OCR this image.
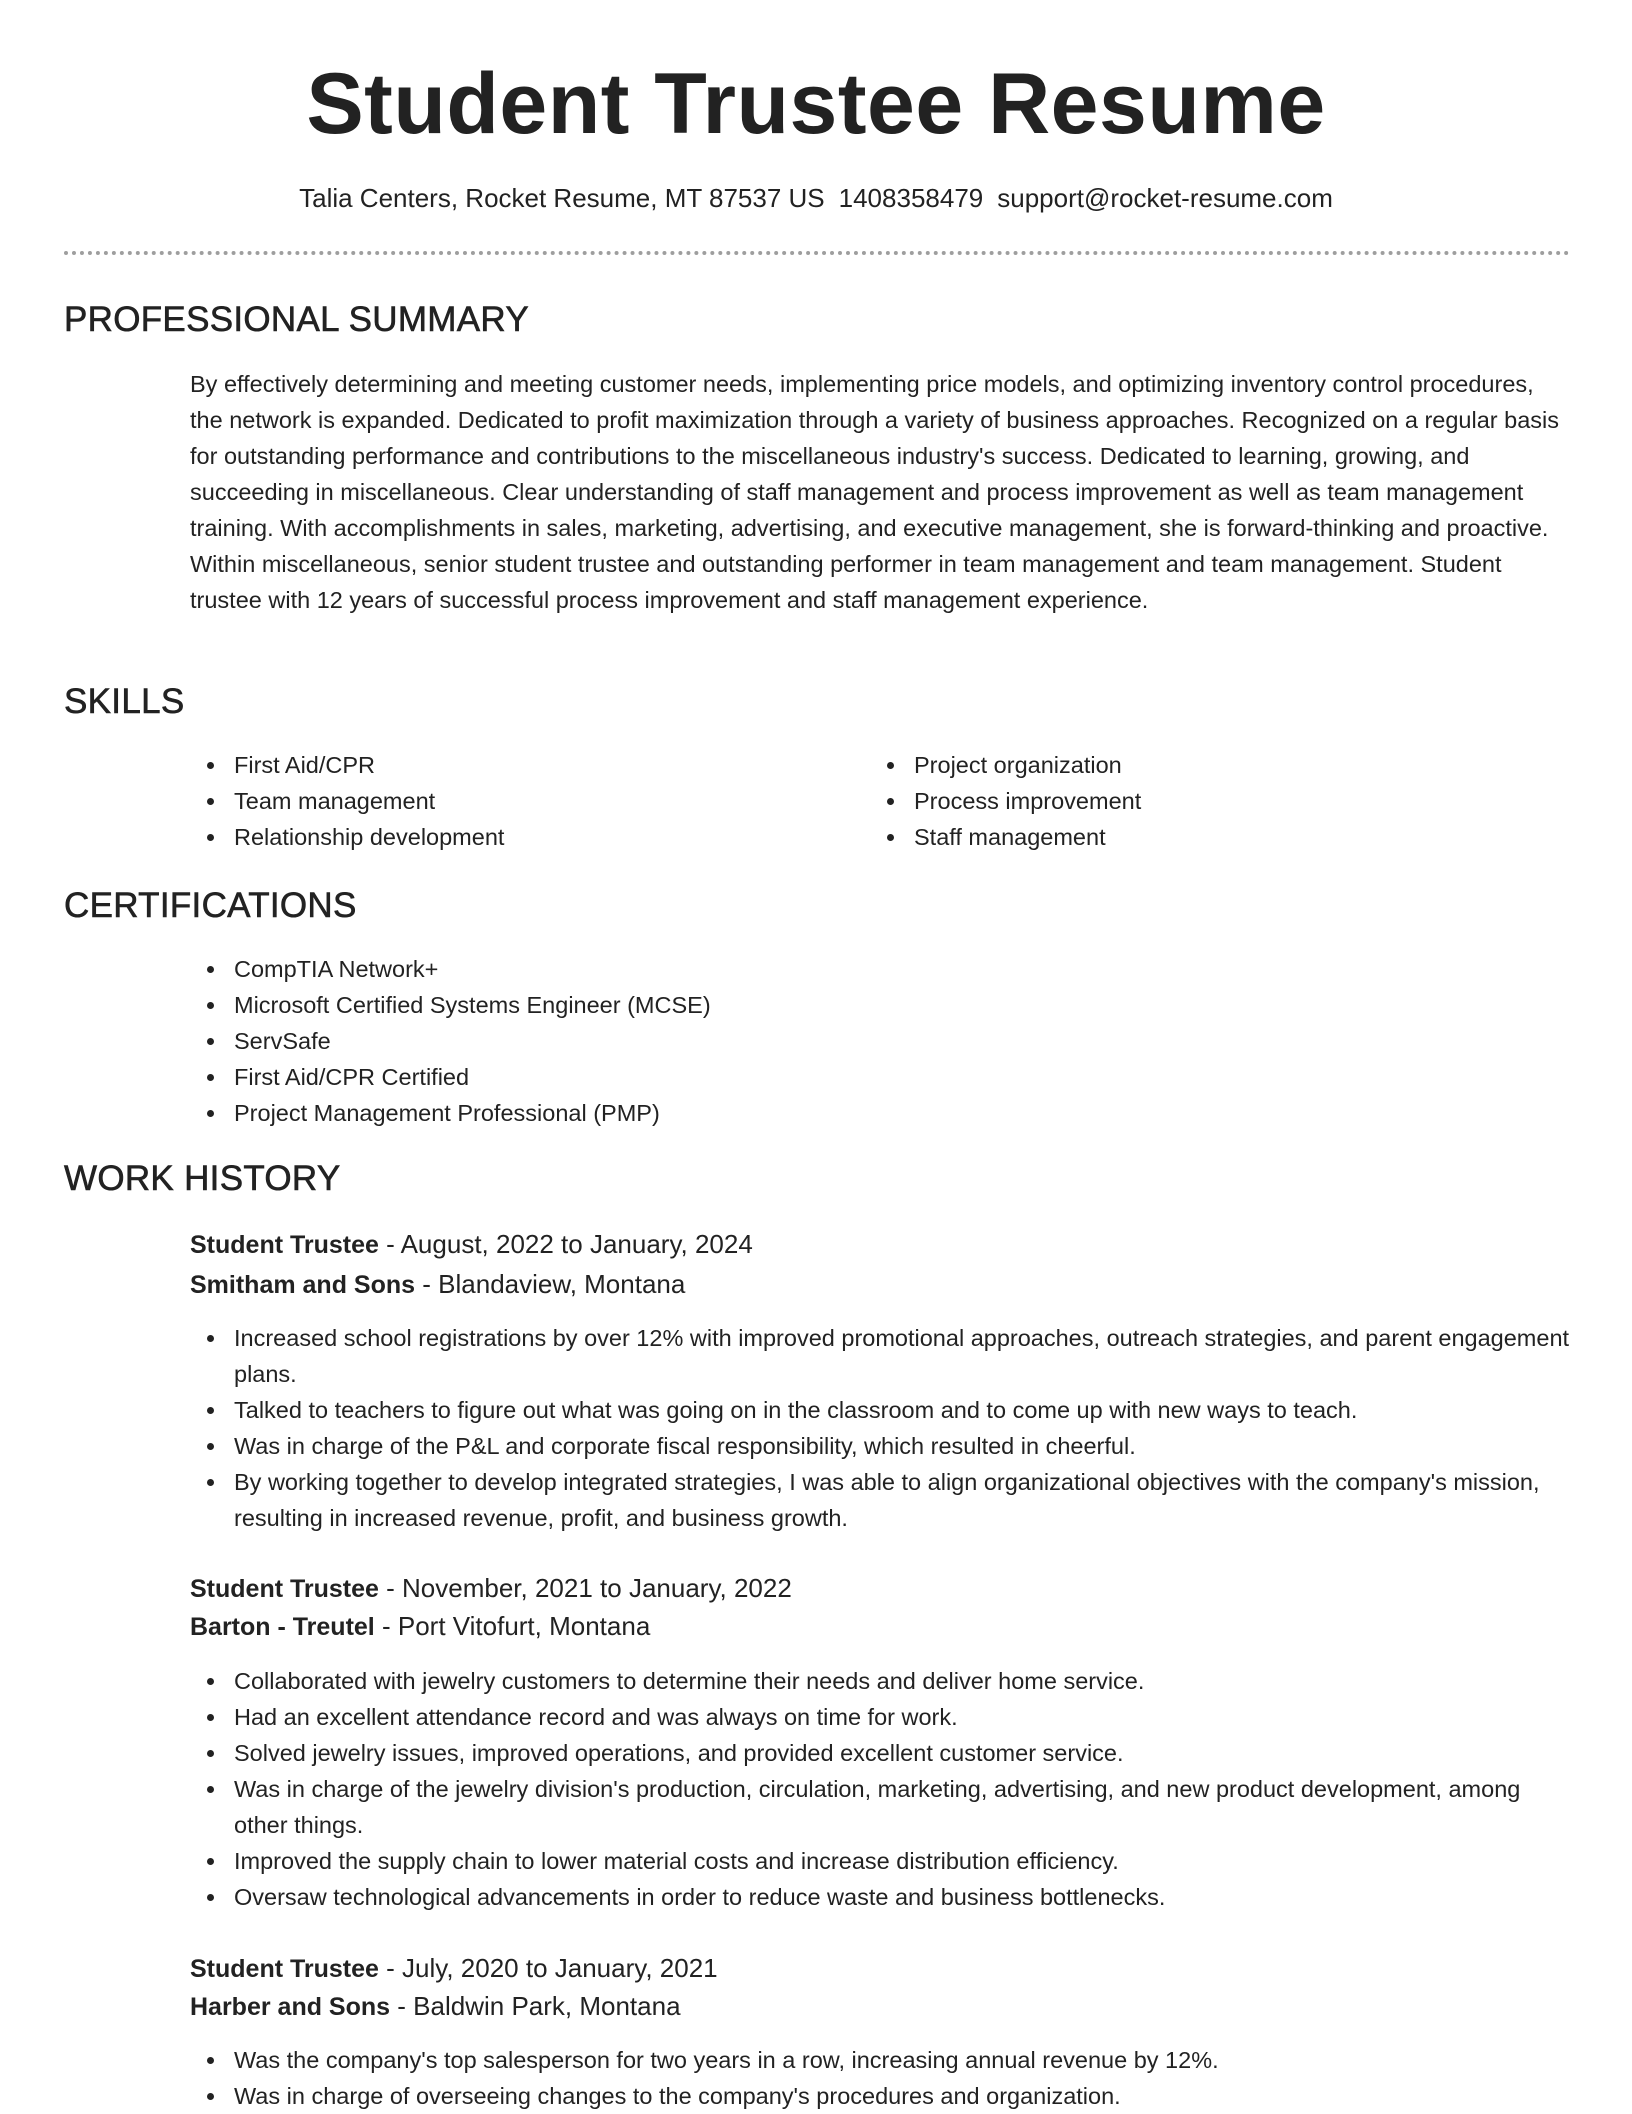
Student Trustee Resume
Talia Centers, Rocket Resume, MT 87537 US 1408358479 support@rocket-resume.com
PROFESSIONAL SUMMARY

By effectively determining and meeting customer needs, implementing price models, and optimizing inventory control procedures, the network is expanded. Dedicated to profit maximization through a variety of business approaches. Recognized on a regular basis for outstanding performance and contributions to the miscellaneous industry's success. Dedicated to learning, growing, and succeeding in miscellaneous. Clear understanding of staff management and process improvement as well as team management training. With accomplishments in sales, marketing, advertising, and executive management, she is forward-thinking and proactive. Within miscellaneous, senior student trustee and outstanding performer in team management and team management. Student trustee with 12 years of successful process improvement and staff management experience.

SKILLS
First Aid/CPR
Team management
Relationship development
Project organization
Process improvement
Staff management
CERTIFICATIONS
CompTIA Network+
Microsoft Certified Systems Engineer (MCSE)
ServSafe
First Aid/CPR Certified
Project Management Professional (PMP)
WORK HISTORY

Student Trustee - August, 2022 to January, 2024

Smitham and Sons - Blandaview, Montana

Increased school registrations by over 12% with improved promotional approaches, outreach strategies, and parent engagement plans.
Talked to teachers to figure out what was going on in the classroom and to come up with new ways to teach.
Was in charge of the P&L and corporate fiscal responsibility, which resulted in cheerful.
By working together to develop integrated strategies, I was able to align organizational objectives with the company's mission, resulting in increased revenue, profit, and business growth.

Student Trustee - November, 2021 to January, 2022

Barton - Treutel - Port Vitofurt, Montana

Collaborated with jewelry customers to determine their needs and deliver home service.
Had an excellent attendance record and was always on time for work.
Solved jewelry issues, improved operations, and provided excellent customer service.
Was in charge of the jewelry division's production, circulation, marketing, advertising, and new product development, among other things.
Improved the supply chain to lower material costs and increase distribution efficiency.
Oversaw technological advancements in order to reduce waste and business bottlenecks.

Student Trustee - July, 2020 to January, 2021

Harber and Sons - Baldwin Park, Montana

Was the company's top salesperson for two years in a row, increasing annual revenue by 12%.
Was in charge of overseeing changes to the company's procedures and organization.
